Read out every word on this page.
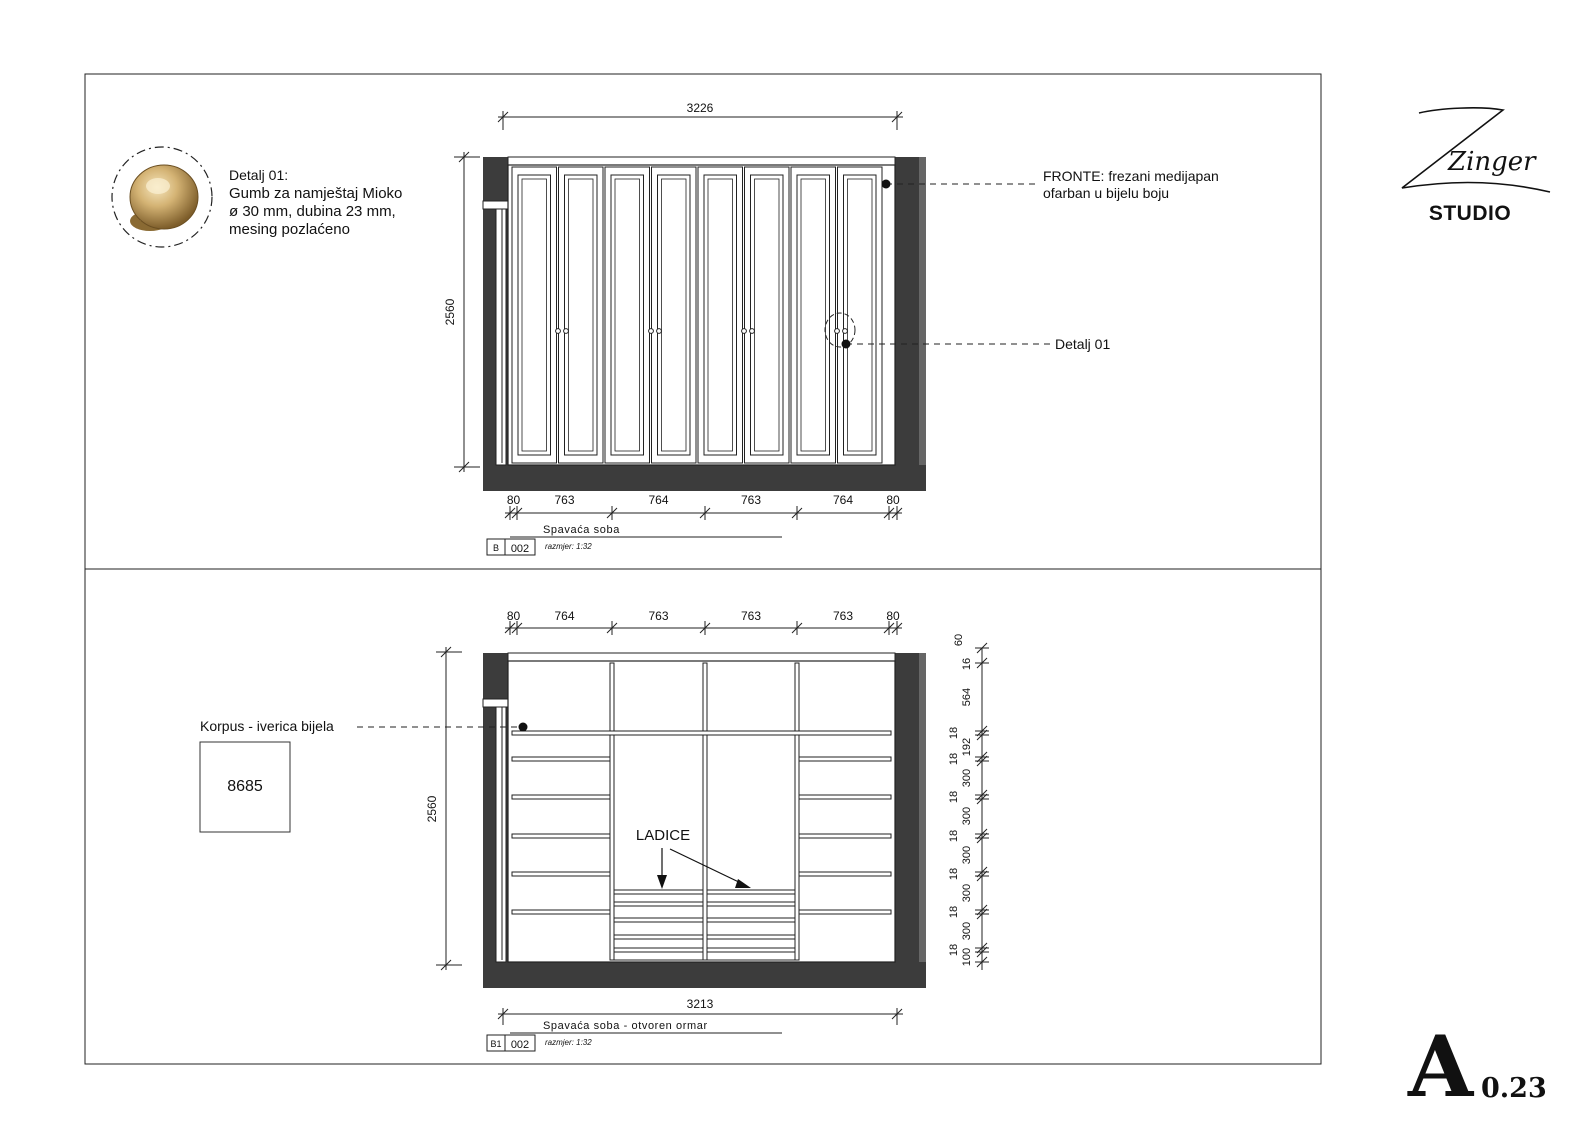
Detalj 01:
Gumb za namještaj Mioko
ø 30 mm, dubina 23 mm,
mesing pozlaćeno
3226
2560
FRONTE: frezani medijapan
ofarban u bijelu boju
Detalj 01
80	763	764	763	764	80
Spavaća soba
B 002 razmjer: 1:32
80	764	763	763	763	80
2560
Korpus - iverica bijela
8685
LADICE
3213
60
16
564
18
192
18
300
18
300
18
300
18
300
18
300
18 100
Spavaća soba - otvoren ormar
B1 002 razmjer: 1:32
Zinger
STUDIO
A 0.23
